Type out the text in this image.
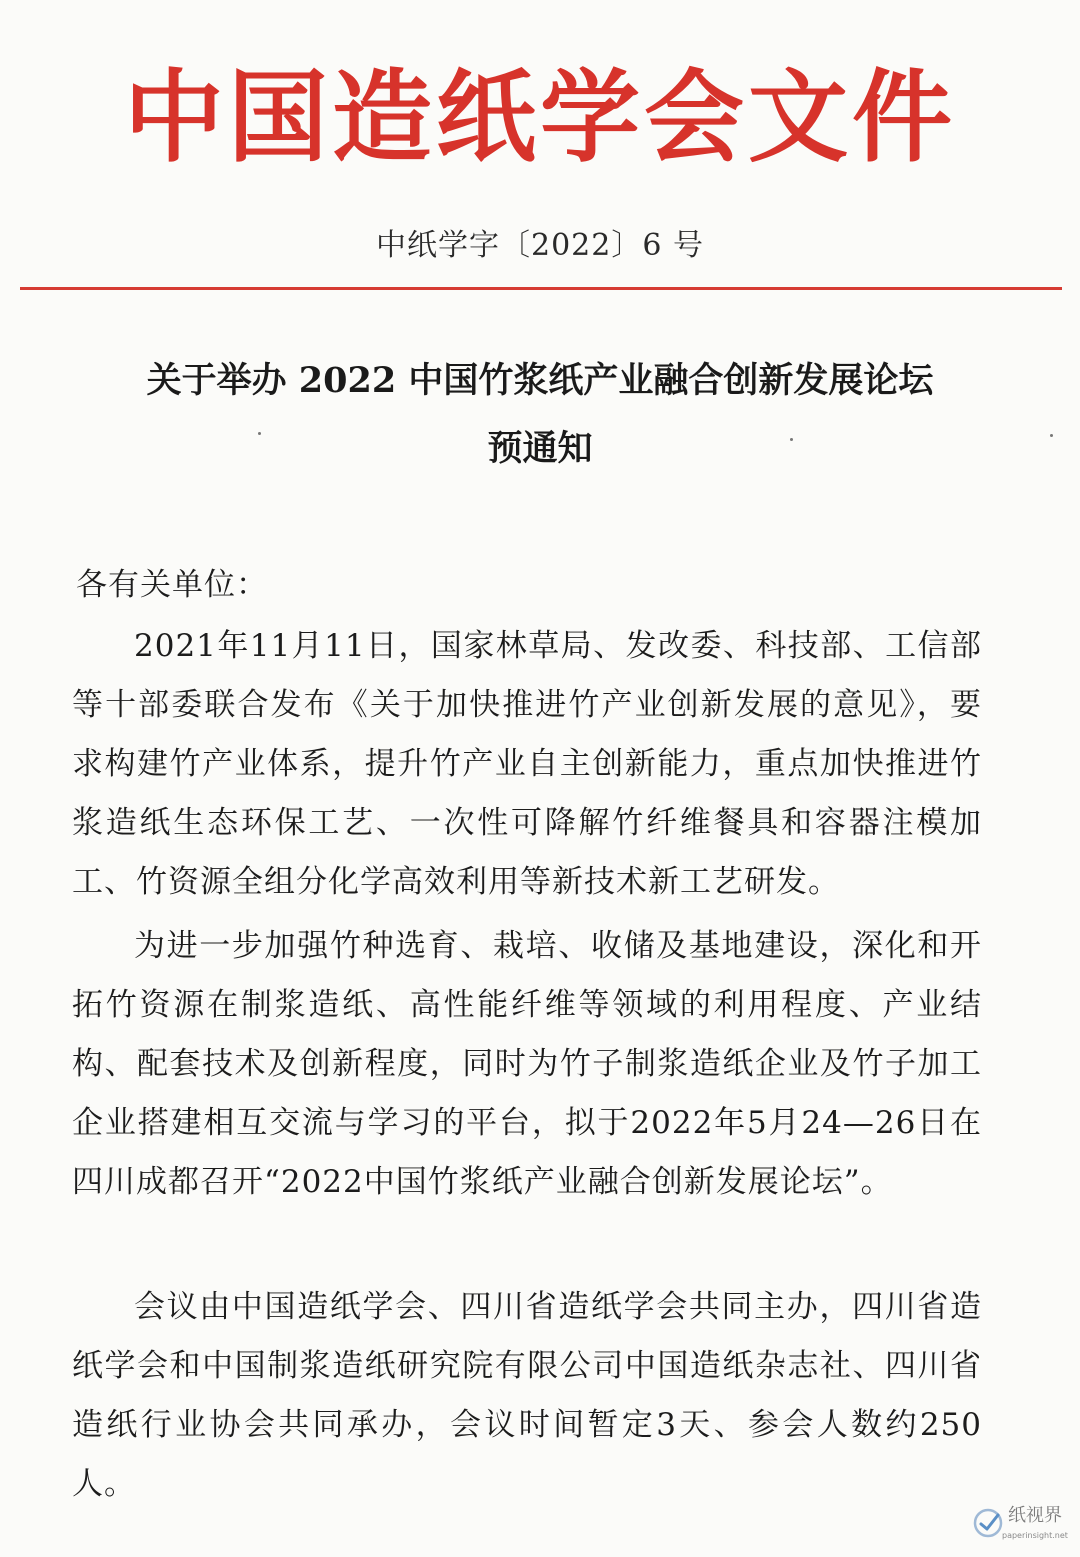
中国造纸学会文件
中纸学字〔2022〕6 号
关于举办 2022 中国竹浆纸产业融合创新发展论坛
预通知
各有关单位：

2021年11月11日，国家林草局、发改委、科技部、工信部等十部委联合发布《关于加快推进竹产业创新发展的意见》，要求构建竹产业体系，提升竹产业自主创新能力，重点加快推进竹浆造纸生态环保工艺、一次性可降解竹纤维餐具和容器注模加工、竹资源全组分化学高效利用等新技术新工艺研发。

为进一步加强竹种选育、栽培、收储及基地建设，深化和开拓竹资源在制浆造纸、高性能纤维等领域的利用程度、产业结构、配套技术及创新程度，同时为竹子制浆造纸企业及竹子加工企业搭建相互交流与学习的平台，拟于2022年5月24—26日在四川成都召开“2022中国竹浆纸产业融合创新发展论坛”。

会议由中国造纸学会、四川省造纸学会共同主办，四川省造纸学会和中国制浆造纸研究院有限公司中国造纸杂志社、四川省造纸行业协会共同承办，会议时间暂定3天、参会人数约250人。

纸视界
paperinsight.net
